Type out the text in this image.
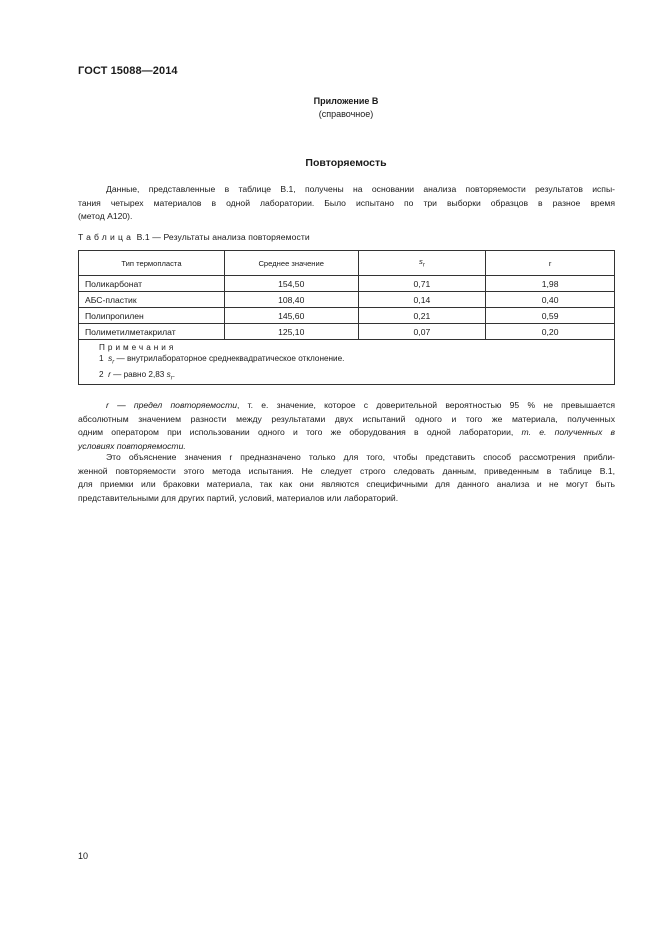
ГОСТ 15088—2014
Приложение В
(справочное)
Повторяемость
Данные, представленные в таблице В.1, получены на основании анализа повторяемости результатов испы-
тания четырех материалов в одной лаборатории. Было испытано по три выборки образцов в разное время
(метод А120).
Таблица В.1 — Результаты анализа повторяемости
Тип термопласта	Среднее значение	$s_r$	r
Поликарбонат	154,50	0,71	1,98
АБС-пластик	108,40	0,14	0,40
Полипропилен	145,60	0,21	0,59
Полиметилметакрилат	125,10	0,07	0,20

Примечания
1 $s_r$ — внутрилабораторное среднеквадратическое отклонение.
2 r — равно 2,83 $s_r$.			
r — предел повторяемости, т. е. значение, которое с доверительной вероятностью 95 % не превышается
абсолютным значением разности между результатами двух испытаний одного и того же материала, полученных
одним оператором при использовании одного и того же оборудования в одной лаборатории, т. е. полученных в
условиях повторяемости.
Это объяснение значения r предназначено только для того, чтобы представить способ рассмотрения прибли-
женной повторяемости этого метода испытания. Не следует строго следовать данным, приведенным в таблице В.1,
для приемки или браковки материала, так как они являются специфичными для данного анализа и не могут быть
представительными для других партий, условий, материалов или лабораторий.
10
